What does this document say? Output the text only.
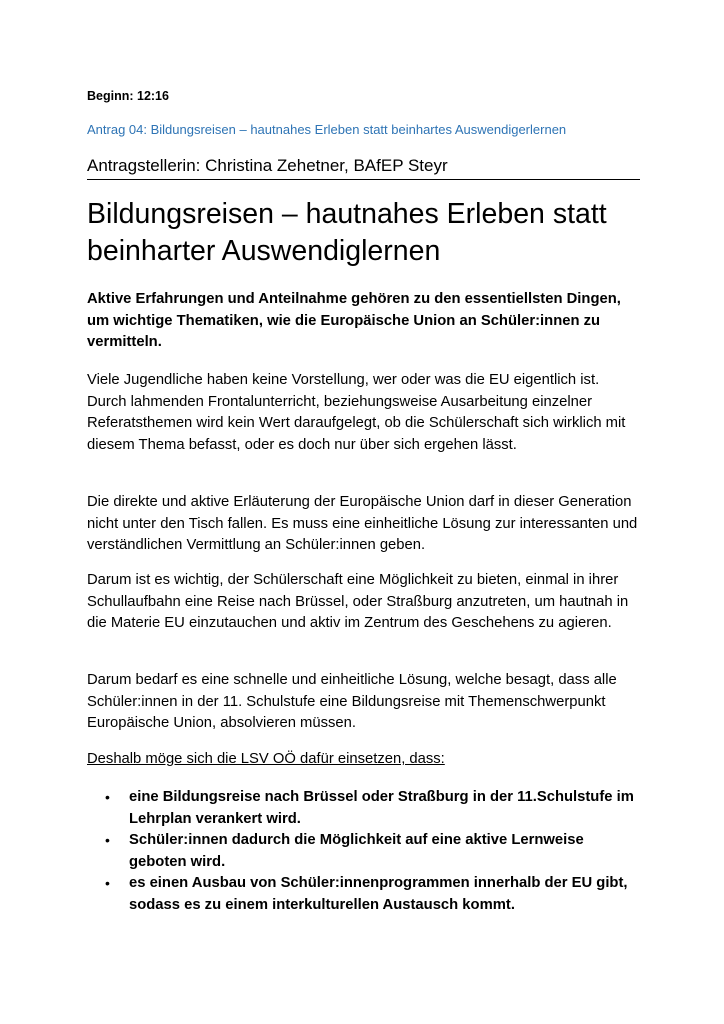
Beginn: 12:16
Antrag 04: Bildungsreisen – hautnahes Erleben statt beinhartes Auswendigerlernen
Antragstellerin: Christina Zehetner, BAfEP Steyr
Bildungsreisen – hautnahes Erleben statt beinharter Auswendiglernen

Aktive Erfahrungen und Anteilnahme gehören zu den essentiellsten Dingen, um wichtige Thematiken, wie die Europäische Union an Schüler:innen zu vermitteln.

Viele Jugendliche haben keine Vorstellung, wer oder was die EU eigentlich ist. Durch lahmenden Frontalunterricht, beziehungsweise Ausarbeitung einzelner Referatsthemen wird kein Wert daraufgelegt, ob die Schülerschaft sich wirklich mit diesem Thema befasst, oder es doch nur über sich ergehen lässt.

Die direkte und aktive Erläuterung der Europäische Union darf in dieser Generation nicht unter den Tisch fallen. Es muss eine einheitliche Lösung zur interessanten und verständlichen Vermittlung an Schüler:innen geben.

Darum ist es wichtig, der Schülerschaft eine Möglichkeit zu bieten, einmal in ihrer Schullaufbahn eine Reise nach Brüssel, oder Straßburg anzutreten, um hautnah in die Materie EU einzutauchen und aktiv im Zentrum des Geschehens zu agieren.

Darum bedarf es eine schnelle und einheitliche Lösung, welche besagt, dass alle Schüler:innen in der 11. Schulstufe eine Bildungsreise mit Themenschwerpunkt Europäische Union, absolvieren müssen.

Deshalb möge sich die LSV OÖ dafür einsetzen, dass:

• eine Bildungsreise nach Brüssel oder Straßburg in der 11.Schulstufe im Lehrplan verankert wird.
• Schüler:innen dadurch die Möglichkeit auf eine aktive Lernweise geboten wird.
• es einen Ausbau von Schüler:innenprogrammen innerhalb der EU gibt, sodass es zu einem interkulturellen Austausch kommt.
